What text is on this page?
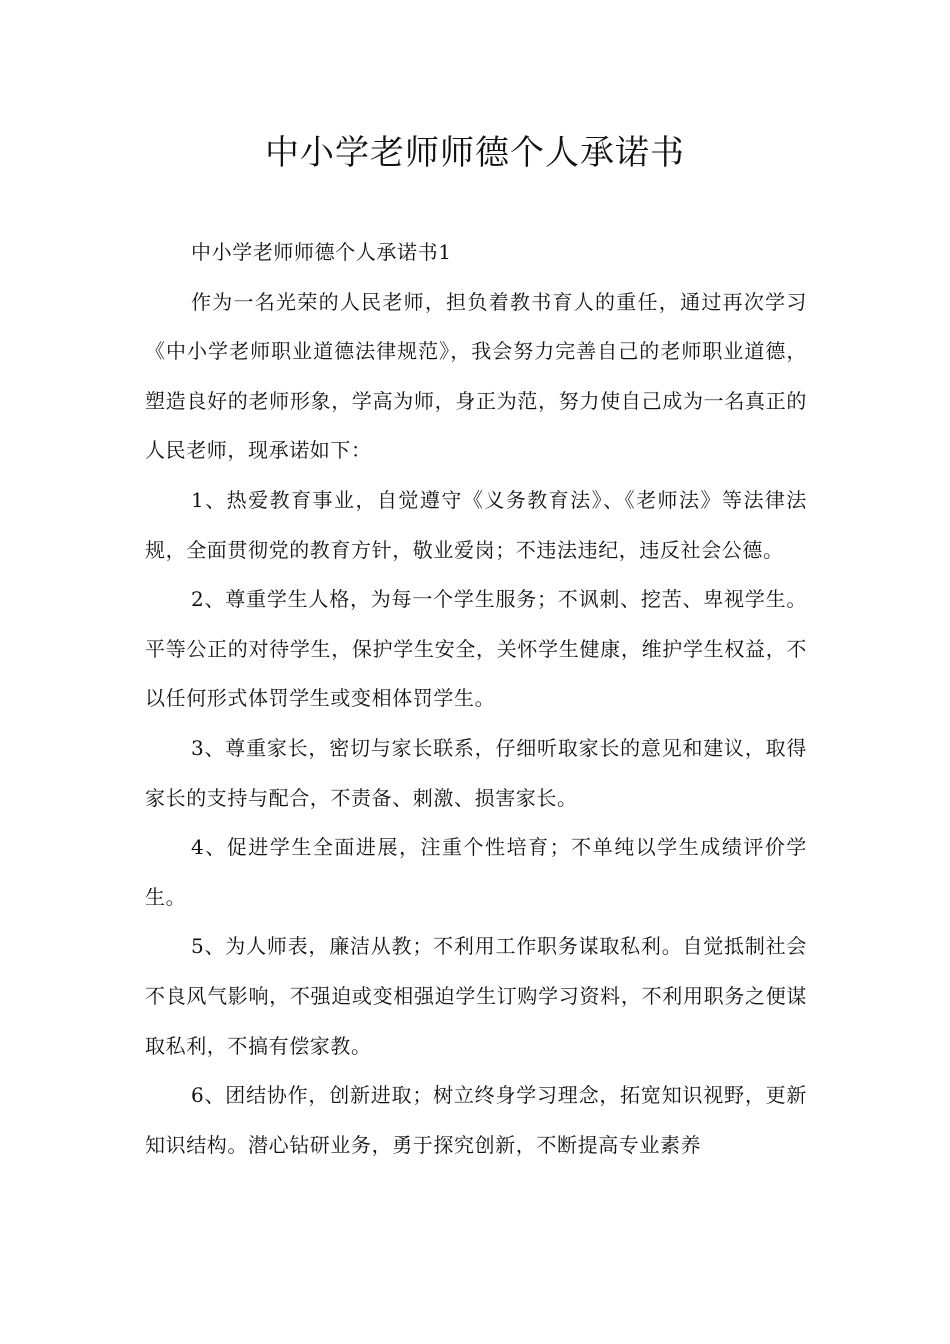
中小学老师师德个人承诺书

中小学老师师德个人承诺书1

作为一名光荣的人民老师，担负着教书育人的重任，通过再次学习《中小学老师职业道德法律规范》，我会努力完善自己的老师职业道德，塑造良好的老师形象，学高为师，身正为范，努力使自己成为一名真正的人民老师，现承诺如下：

1、热爱教育事业，自觉遵守《义务教育法》、《老师法》等法律法规，全面贯彻党的教育方针，敬业爱岗；不违法违纪，违反社会公德。

2、尊重学生人格，为每一个学生服务；不讽刺、挖苦、卑视学生。平等公正的对待学生，保护学生安全，关怀学生健康，维护学生权益，不以任何形式体罚学生或变相体罚学生。

3、尊重家长，密切与家长联系，仔细听取家长的意见和建议，取得家长的支持与配合，不责备、刺激、损害家长。

4、促进学生全面进展，注重个性培育；不单纯以学生成绩评价学生。

5、为人师表，廉洁从教；不利用工作职务谋取私利。自觉抵制社会不良风气影响，不强迫或变相强迫学生订购学习资料，不利用职务之便谋取私利，不搞有偿家教。

6、团结协作，创新进取；树立终身学习理念，拓宽知识视野，更新知识结构。潜心钻研业务，勇于探究创新，不断提高专业素养
